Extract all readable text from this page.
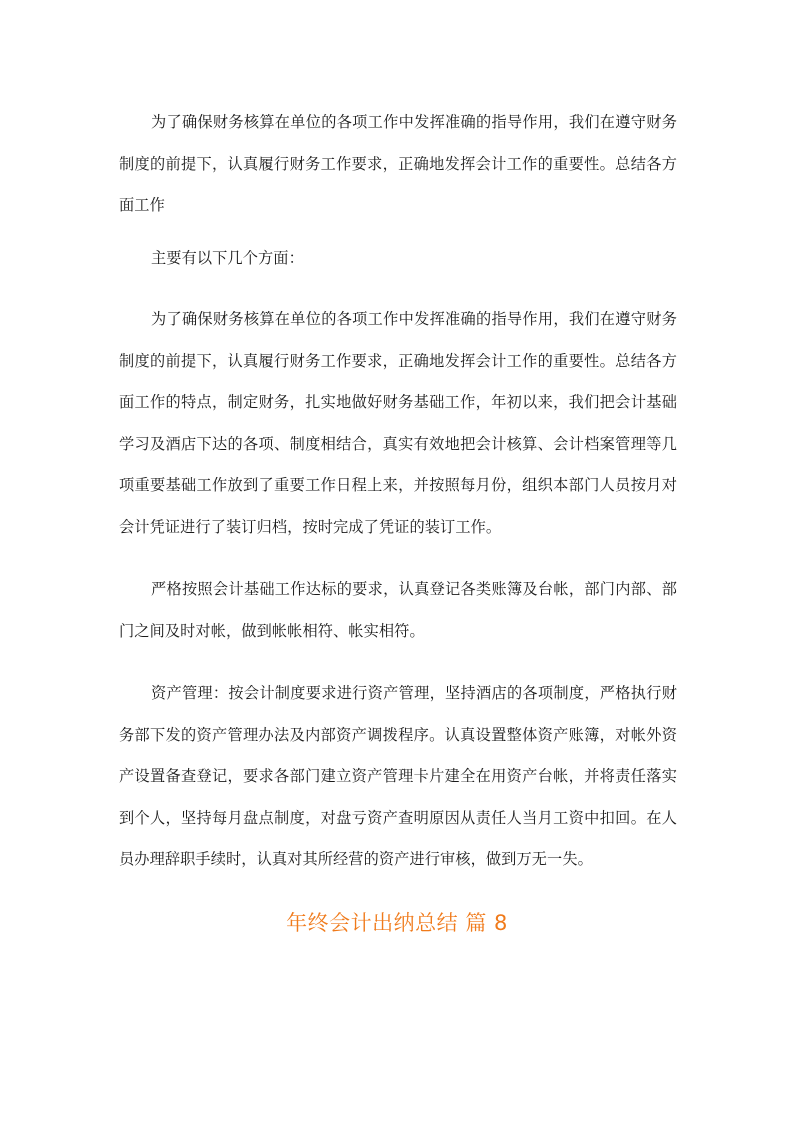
为了确保财务核算在单位的各项工作中发挥准确的指导作用，我们在遵守财务制度的前提下，认真履行财务工作要求，正确地发挥会计工作的重要性。总结各方面工作

主要有以下几个方面：

为了确保财务核算在单位的各项工作中发挥准确的指导作用，我们在遵守财务制度的前提下，认真履行财务工作要求，正确地发挥会计工作的重要性。总结各方面工作的特点，制定财务，扎实地做好财务基础工作，年初以来，我们把会计基础学习及酒店下达的各项、制度相结合，真实有效地把会计核算、会计档案管理等几项重要基础工作放到了重要工作日程上来，并按照每月份，组织本部门人员按月对会计凭证进行了装订归档，按时完成了凭证的装订工作。

严格按照会计基础工作达标的要求，认真登记各类账簿及台帐，部门内部、部门之间及时对帐，做到帐帐相符、帐实相符。

资产管理：按会计制度要求进行资产管理，坚持酒店的各项制度，严格执行财务部下发的资产管理办法及内部资产调拨程序。认真设置整体资产账簿，对帐外资产设置备查登记，要求各部门建立资产管理卡片建全在用资产台帐，并将责任落实到个人，坚持每月盘点制度，对盘亏资产查明原因从责任人当月工资中扣回。在人员办理辞职手续时，认真对其所经营的资产进行审核，做到万无一失。

年终会计出纳总结 篇 8
